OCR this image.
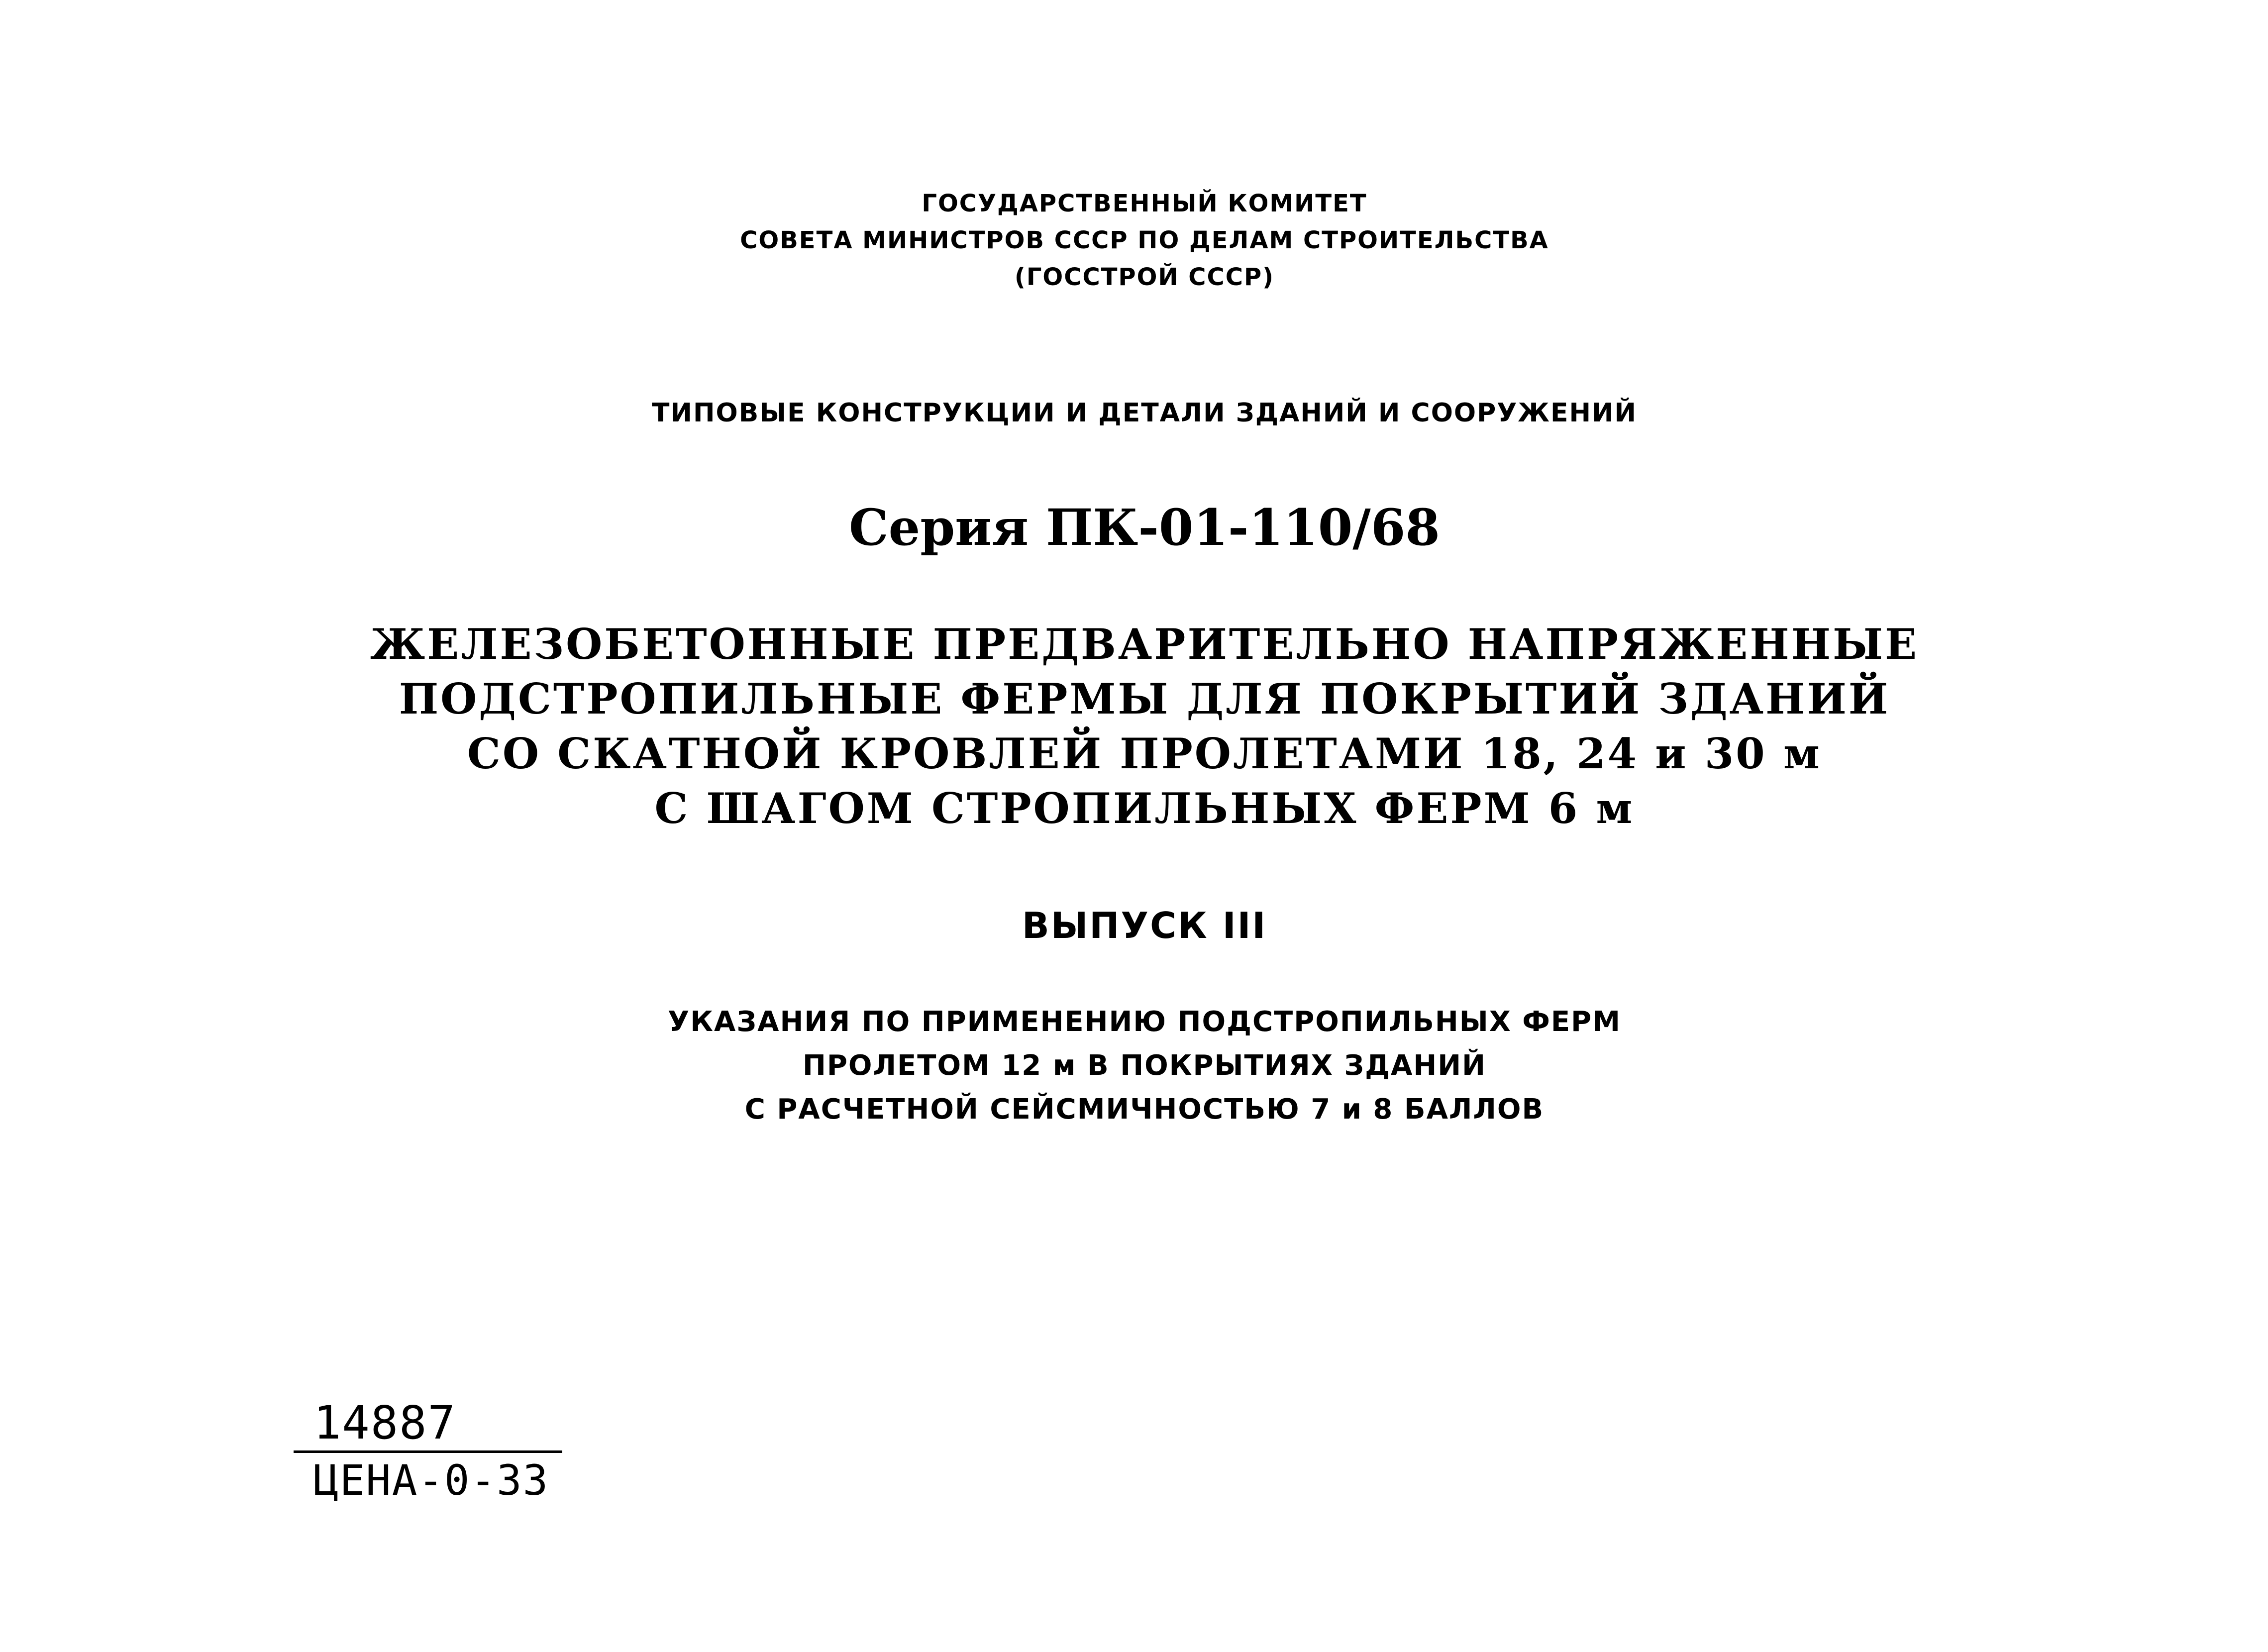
ГОСУДАРСТВЕННЫЙ КОМИТЕТ
СОВЕТА МИНИСТРОВ СССР ПО ДЕЛАМ СТРОИТЕЛЬСТВА
(ГОССТРОЙ СССР)
ТИПОВЫЕ КОНСТРУКЦИИ И ДЕТАЛИ ЗДАНИЙ И СООРУЖЕНИЙ
Серия ПК-01-110/68
ЖЕЛЕЗОБЕТОННЫЕ ПРЕДВАРИТЕЛЬНО НАПРЯЖЕННЫЕ
ПОДСТРОПИЛЬНЫЕ ФЕРМЫ ДЛЯ ПОКРЫТИЙ ЗДАНИЙ
СО СКАТНОЙ КРОВЛЕЙ ПРОЛЕТАМИ 18, 24 и 30 м
С ШАГОМ СТРОПИЛЬНЫХ ФЕРМ 6 м
ВЫПУСК III
УКАЗАНИЯ ПО ПРИМЕНЕНИЮ ПОДСТРОПИЛЬНЫХ ФЕРМ
ПРОЛЕТОМ 12 м В ПОКРЫТИЯХ ЗДАНИЙ
С РАСЧЕТНОЙ СЕЙСМИЧНОСТЬЮ 7 и 8 БАЛЛОВ
14887
ЦЕНА-0-33
